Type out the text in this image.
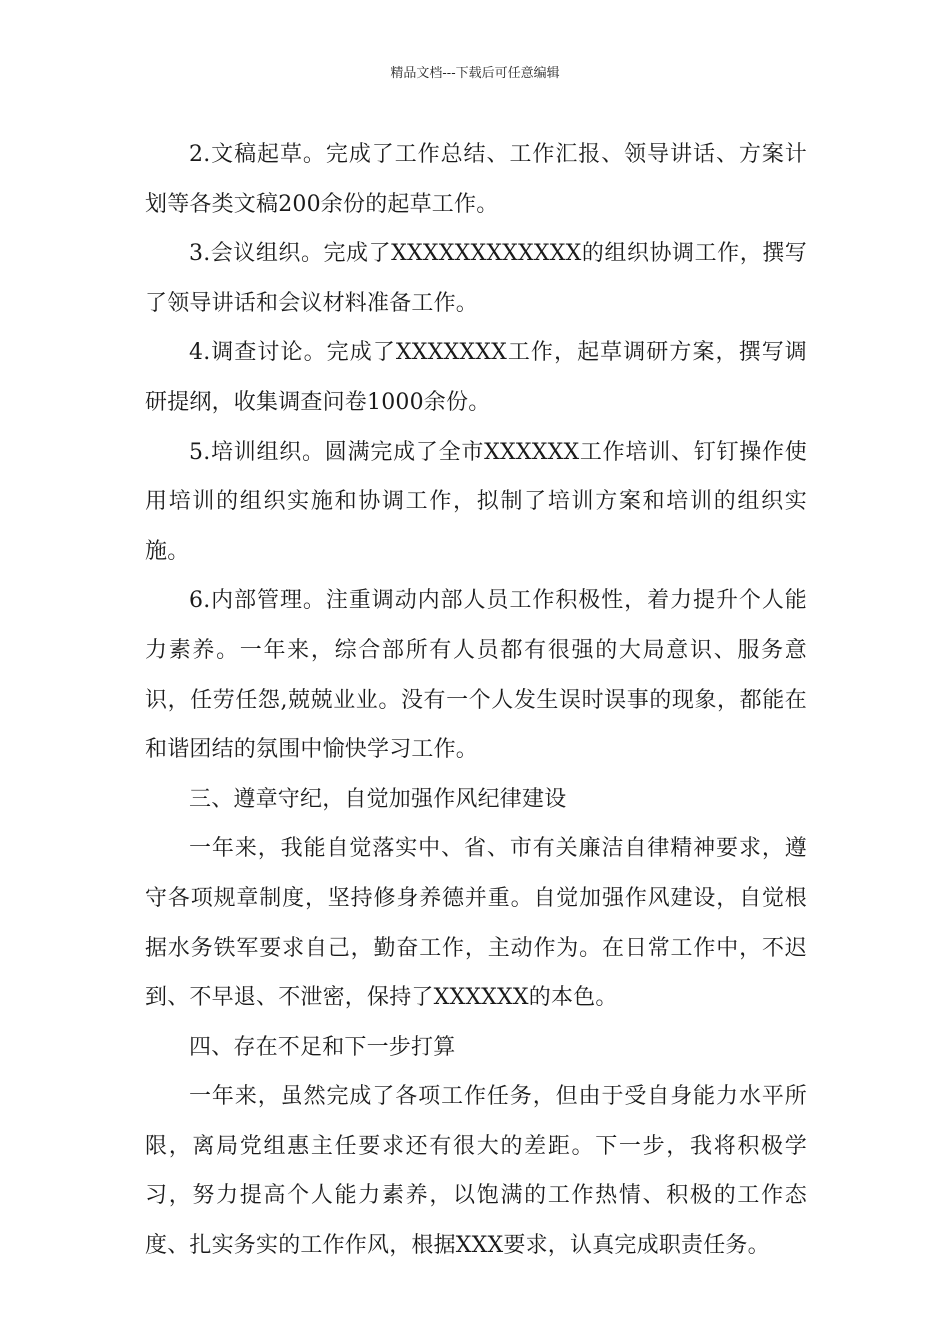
精品文档---下载后可任意编辑

2.文稿起草。完成了工作总结、工作汇报、领导讲话、方案计划等各类文稿200余份的起草工作。

3.会议组织。完成了XXXXXXXXXXXX的组织协调工作，撰写了领导讲话和会议材料准备工作。

4.调查讨论。完成了XXXXXXX工作，起草调研方案，撰写调研提纲，收集调查问卷1000余份。

5.培训组织。圆满完成了全市XXXXXX工作培训、钉钉操作使用培训的组织实施和协调工作，拟制了培训方案和培训的组织实施。

6.内部管理。注重调动内部人员工作积极性，着力提升个人能力素养。一年来，综合部所有人员都有很强的大局意识、服务意识，任劳任怨,兢兢业业。没有一个人发生误时误事的现象，都能在和谐团结的氛围中愉快学习工作。

三、遵章守纪，自觉加强作风纪律建设

一年来，我能自觉落实中、省、市有关廉洁自律精神要求，遵守各项规章制度，坚持修身养德并重。自觉加强作风建设，自觉根据水务铁军要求自己，勤奋工作，主动作为。在日常工作中，不迟到、不早退、不泄密，保持了XXXXXX的本色。

四、存在不足和下一步打算

一年来，虽然完成了各项工作任务，但由于受自身能力水平所限，离局党组惠主任要求还有很大的差距。下一步，我将积极学习，努力提高个人能力素养，以饱满的工作热情、积极的工作态度、扎实务实的工作作风，根据XXX要求，认真完成职责任务。
